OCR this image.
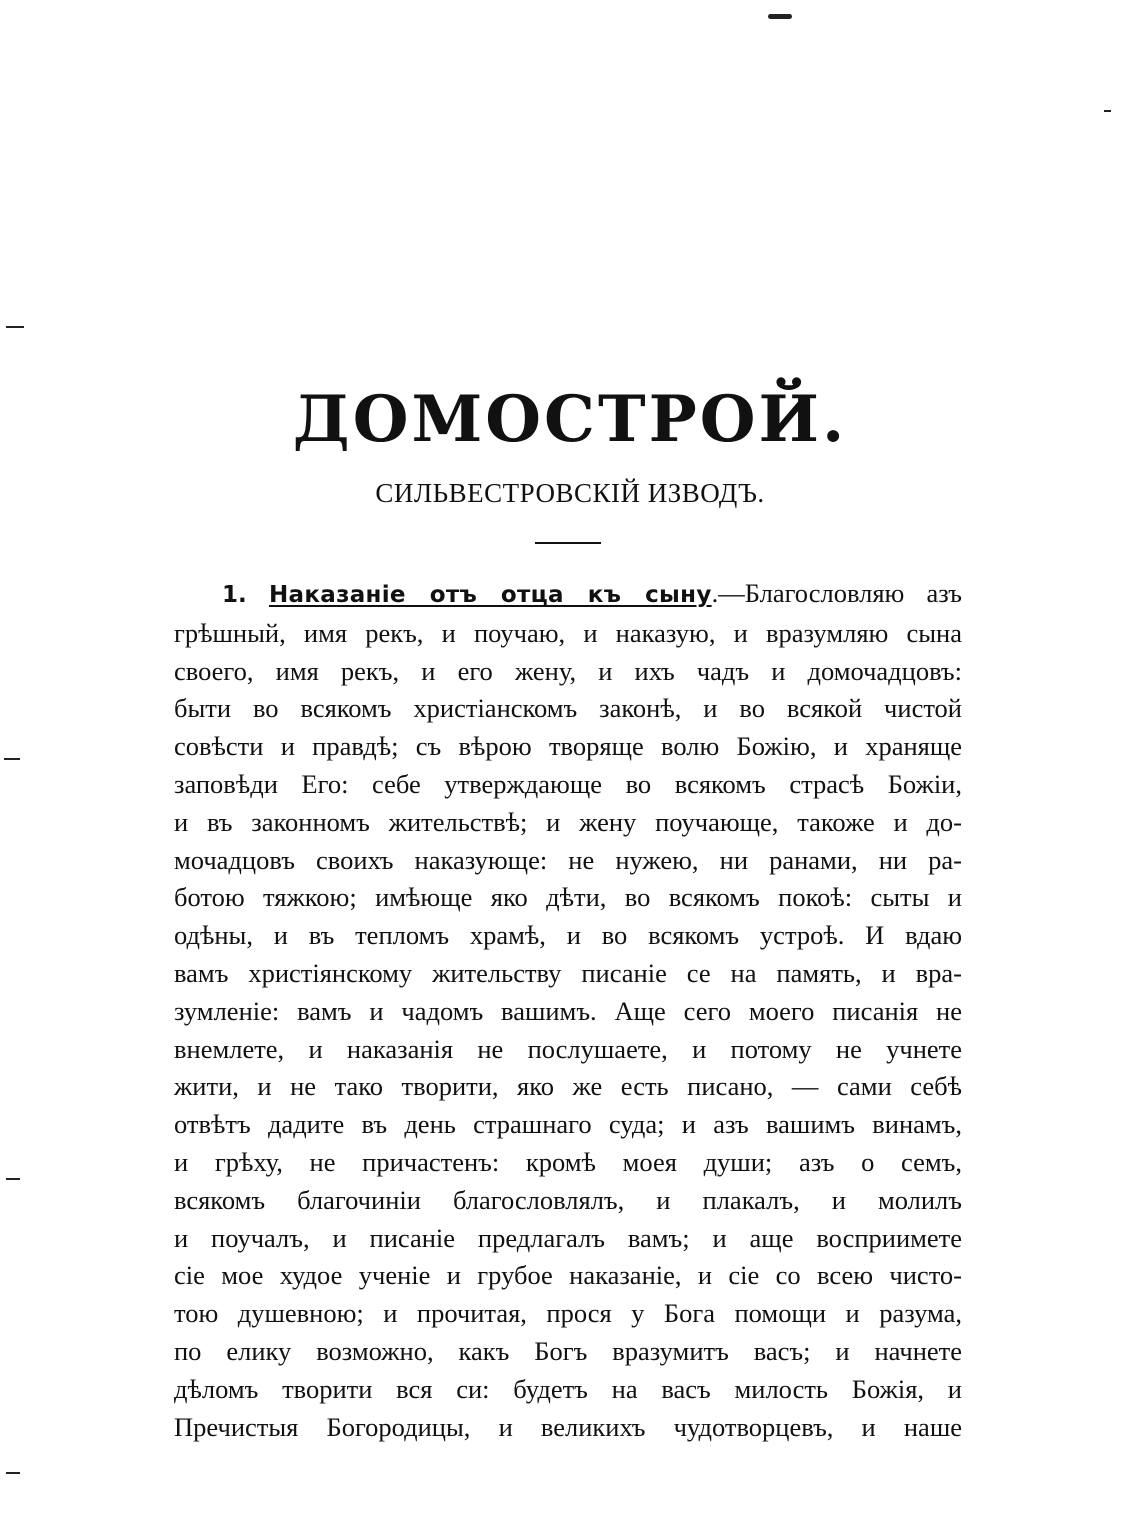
ДОМОСТРОЙ.
СИЛЬВЕСТРОВСКІЙ ИЗВОДЪ.
1. Наказаніе отъ отца къ сыну.—Благословляю азъ
грѣшный, имя рекъ, и поучаю, и наказую, и вразумляю сына
своего, имя рекъ, и его жену, и ихъ чадъ и домочадцовъ:
быти во всякомъ христіанскомъ законѣ, и во всякой чистой
совѣсти и правдѣ; съ вѣрою творяще волю Божію, и хранящe
заповѣди Его: себе утверждающе во всякомъ страсѣ Божіи,
и въ законномъ жительствѣ; и жену поучающе, такоже и до-
мочадцовъ своихъ наказующе: не нужею, ни ранами, ни ра-
ботою тяжкою; имѣюще яко дѣти, во всякомъ покоѣ: сыты и
одѣны, и въ тепломъ храмѣ, и во всякомъ устроѣ. И вдаю
вамъ христіянскому жительству писаніе се на память, и вра-
зумленіе: вамъ и чадомъ вашимъ. Аще сего моего писанія не
внемлете, и наказанія не послушаете, и потому не учнете
жити, и не тако творити, яко же есть писано, — сами себѣ
отвѣтъ дадите въ день страшнаго суда; и азъ вашимъ винамъ,
и грѣху, не причастенъ: кромѣ моея души; азъ о семъ,
всякомъ благочиніи благословлялъ, и плакалъ, и молилъ
и поучалъ, и писаніе предлагалъ вамъ; и аще восприимете
сіе мое худое ученіе и грубое наказаніе, и сіе со всею чисто-
тою душевною; и прочитая, прося у Бога помощи и разума,
по елику возможно, какъ Богъ вразумитъ васъ; и начнете
дѣломъ творити вся си: будетъ на васъ милость Божія, и
Пречистыя Богородицы, и великихъ чудотворцевъ, и наше
